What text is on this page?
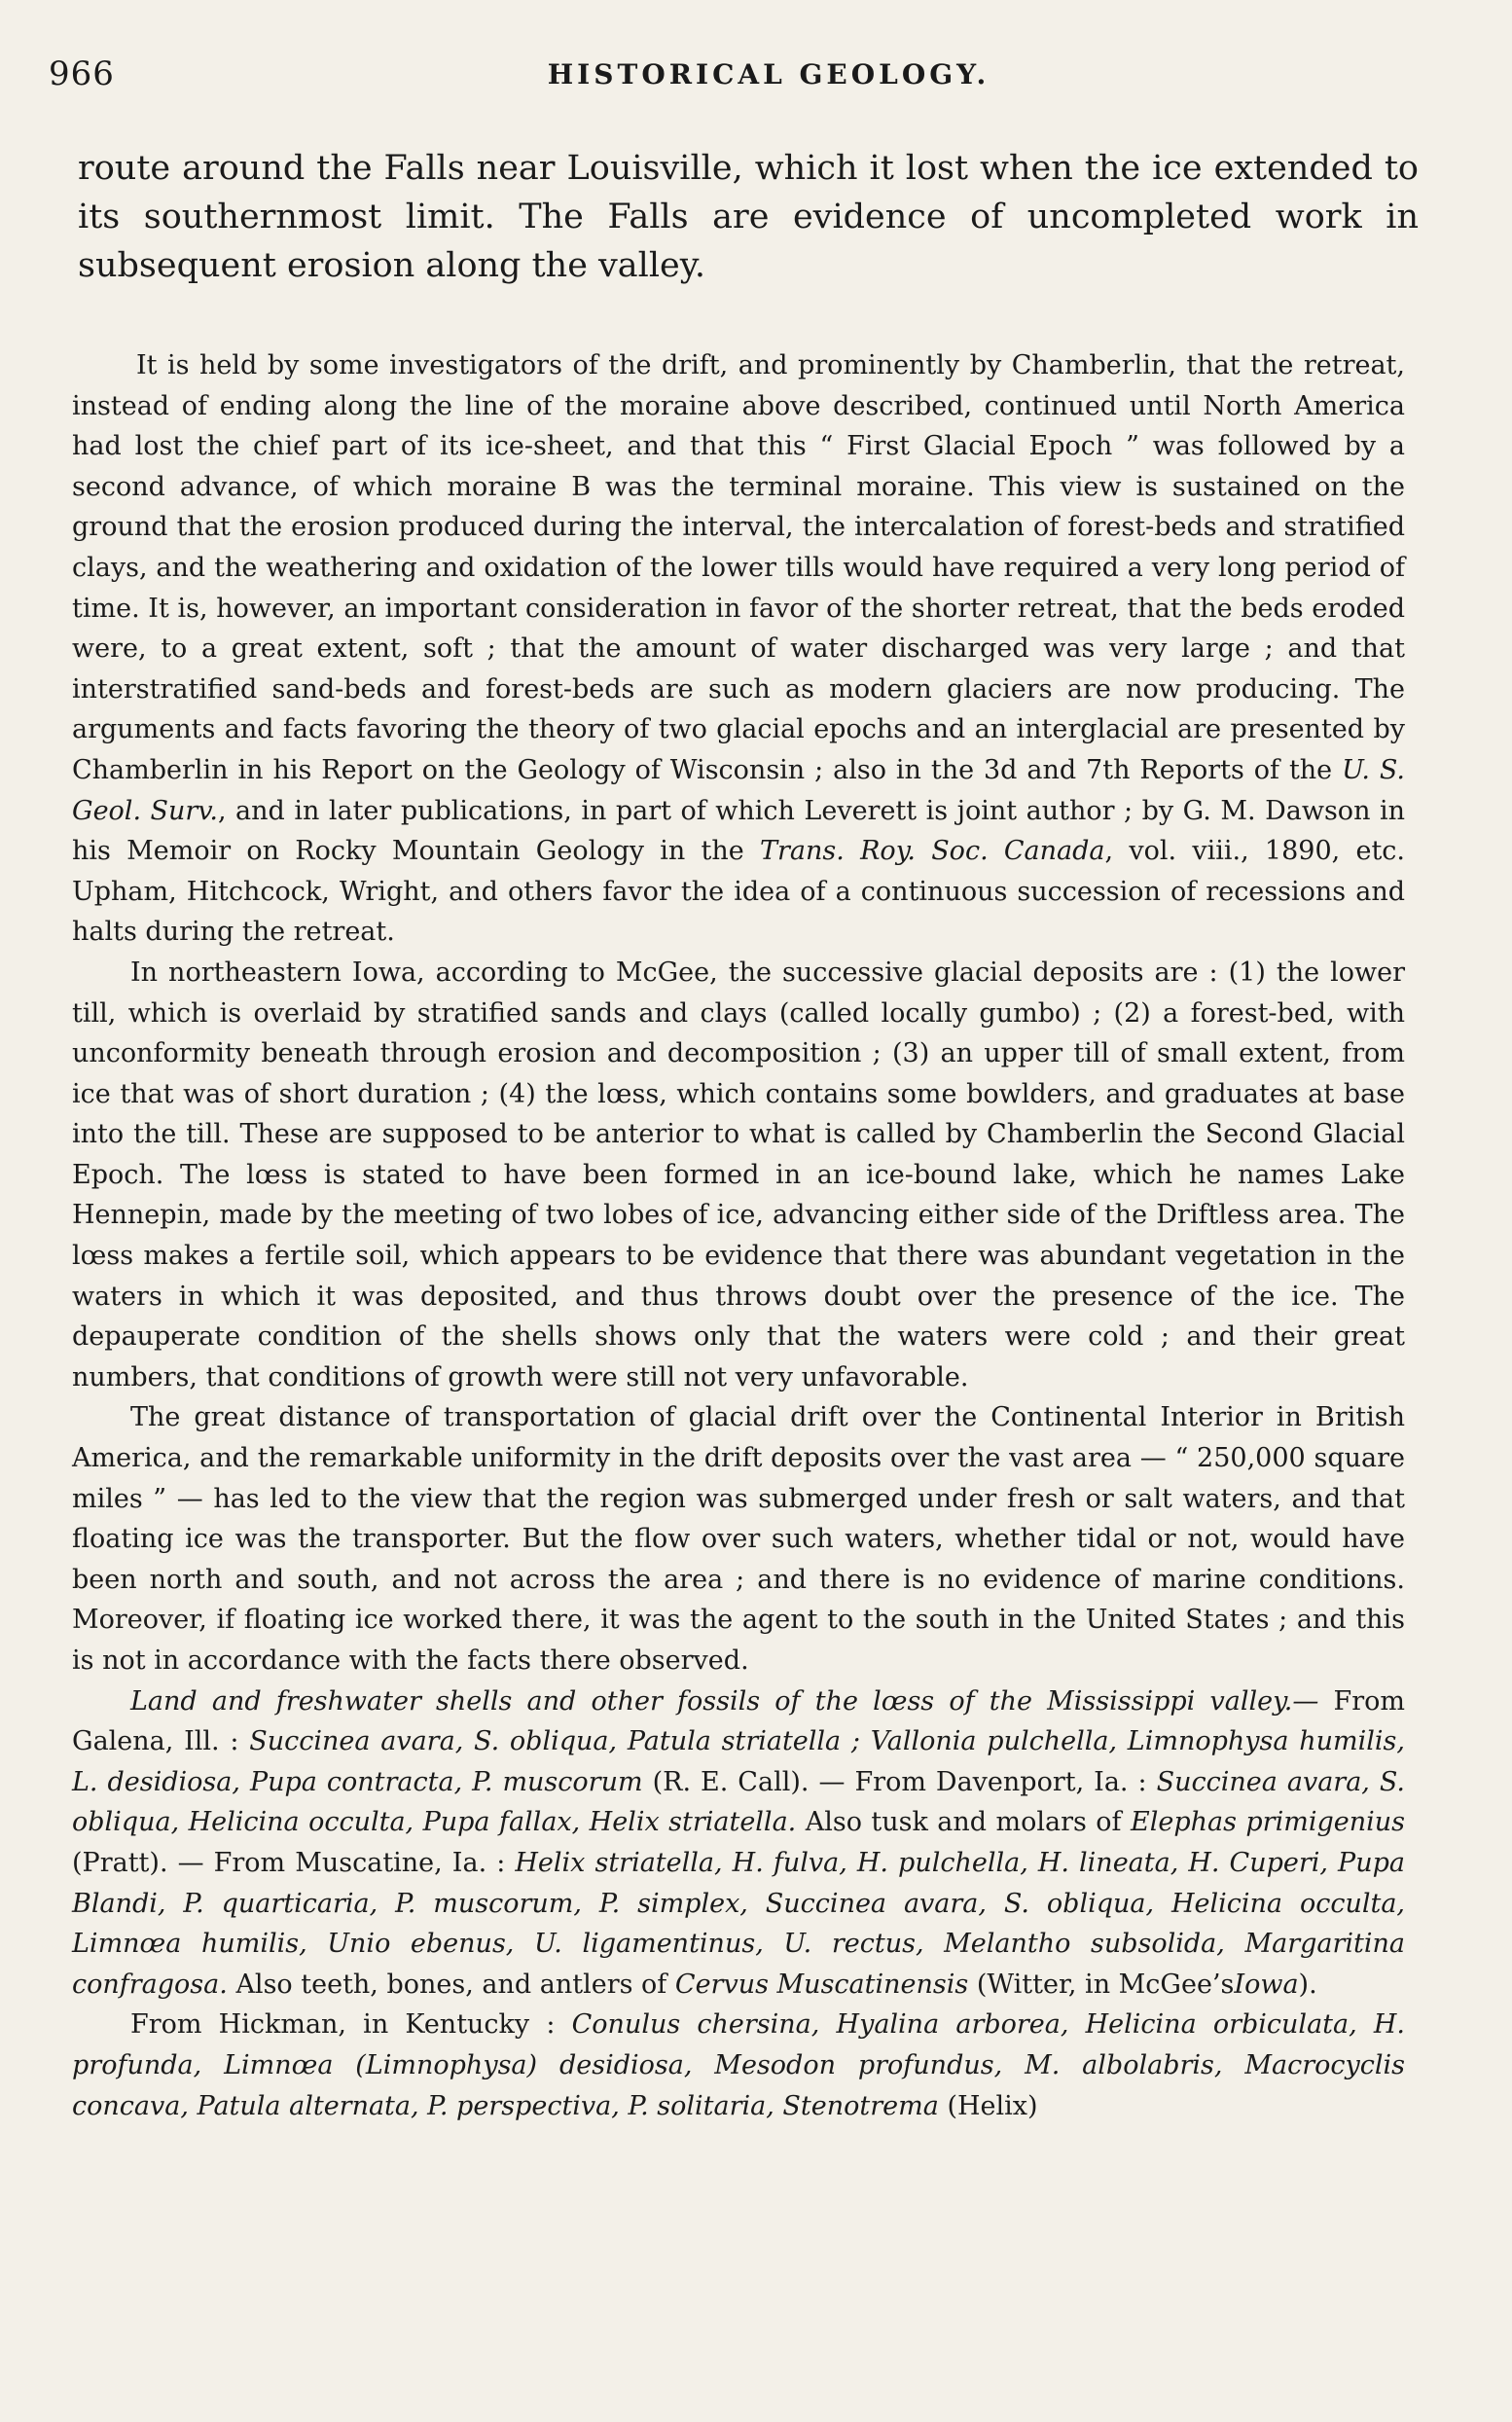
966	HISTORICAL GEOLOGY.
route around the Falls near Louisville, which it lost when the ice extended to its southernmost limit. The Falls are evidence of uncompleted work in subsequent erosion along the valley.

It is held by some investigators of the drift, and prominently by Chamberlin, that the retreat, instead of ending along the line of the moraine above described, continued until North America had lost the chief part of its ice-sheet, and that this “ First Glacial Epoch ” was followed by a second advance, of which moraine B was the terminal moraine. This view is sustained on the ground that the erosion produced during the interval, the intercalation of forest-beds and stratified clays, and the weathering and oxidation of the lower tills would have required a very long period of time. It is, however, an important consideration in favor of the shorter retreat, that the beds eroded were, to a great extent, soft ; that the amount of water discharged was very large ; and that interstratified sand-beds and forest-beds are such as modern glaciers are now producing. The arguments and facts favoring the theory of two glacial epochs and an interglacial are presented by Chamberlin in his Report on the Geology of Wisconsin ; also in the 3d and 7th Reports of the U. S. Geol. Surv., and in later publications, in part of which Leverett is joint author ; by G. M. Dawson in his Memoir on Rocky Mountain Geology in the Trans. Roy. Soc. Canada, vol. viii., 1890, etc. Upham, Hitchcock, Wright, and others favor the idea of a continuous succession of recessions and halts during the retreat.

In northeastern Iowa, according to McGee, the successive glacial deposits are : (1) the lower till, which is overlaid by stratified sands and clays (called locally gumbo) ; (2) a forest-bed, with unconformity beneath through erosion and decomposition ; (3) an upper till of small extent, from ice that was of short duration ; (4) the lœss, which contains some bowlders, and graduates at base into the till. These are supposed to be anterior to what is called by Chamberlin the Second Glacial Epoch. The lœss is stated to have been formed in an ice-bound lake, which he names Lake Hennepin, made by the meeting of two lobes of ice, advancing either side of the Driftless area. The lœss makes a fertile soil, which appears to be evidence that there was abundant vegetation in the waters in which it was deposited, and thus throws doubt over the presence of the ice. The depauperate condition of the shells shows only that the waters were cold ; and their great numbers, that conditions of growth were still not very unfavorable.

The great distance of transportation of glacial drift over the Continental Interior in British America, and the remarkable uniformity in the drift deposits over the vast area — “ 250,000 square miles ” — has led to the view that the region was submerged under fresh or salt waters, and that floating ice was the transporter. But the flow over such waters, whether tidal or not, would have been north and south, and not across the area ; and there is no evidence of marine conditions. Moreover, if floating ice worked there, it was the agent to the south in the United States ; and this is not in accordance with the facts there observed.

Land and freshwater shells and other fossils of the lœss of the Mississippi valley.— From Galena, Ill. : Succinea avara, S. obliqua, Patula striatella ; Vallonia pulchella, Limnophysa humilis, L. desidiosa, Pupa contracta, P. muscorum (R. E. Call). — From Davenport, Ia. : Succinea avara, S. obliqua, Helicina occulta, Pupa fallax, Helix striatella. Also tusk and molars of Elephas primigenius (Pratt). — From Muscatine, Ia. : Helix striatella, H. fulva, H. pulchella, H. lineata, H. Cuperi, Pupa Blandi, P. quarticaria, P. muscorum, P. simplex, Succinea avara, S. obliqua, Helicina occulta, Limnœa humilis, Unio ebenus, U. ligamentinus, U. rectus, Melantho subsolida, Margaritina confragosa. Also teeth, bones, and antlers of Cervus Muscatinensis (Witter, in McGee’sIowa).

From Hickman, in Kentucky : Conulus chersina, Hyalina arborea, Helicina orbiculata, H. profunda, Limnœa (Limnophysa) desidiosa, Mesodon profundus, M. albolabris, Macrocyclis concava, Patula alternata, P. perspectiva, P. solitaria, Stenotrema (Helix)
